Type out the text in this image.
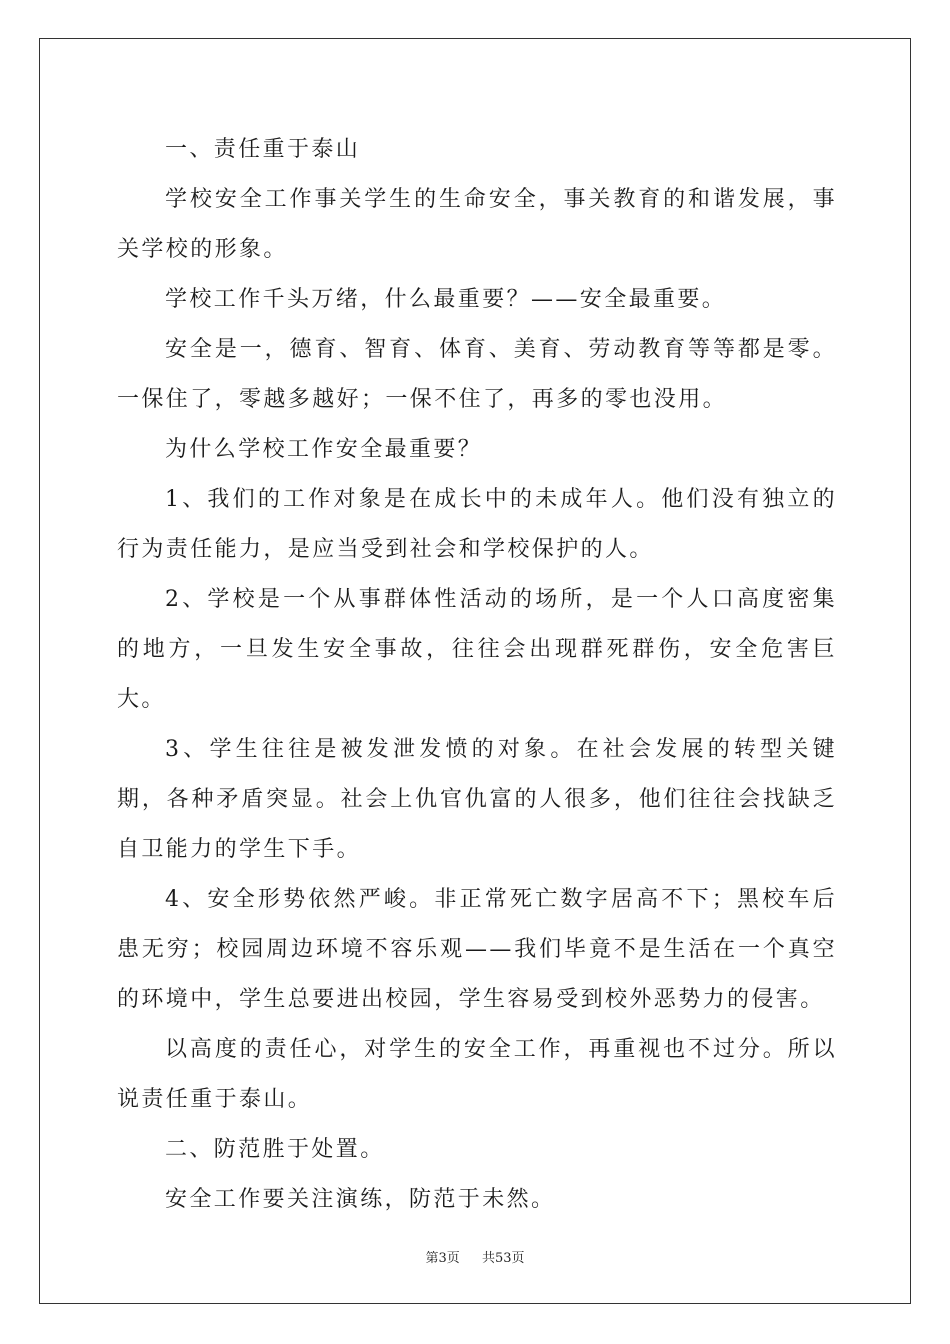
一、责任重于泰山

学校安全工作事关学生的生命安全，事关教育的和谐发展，事关学校的形象。

学校工作千头万绪，什么最重要？——安全最重要。

安全是一，德育、智育、体育、美育、劳动教育等等都是零。一保住了，零越多越好；一保不住了，再多的零也没用。

为什么学校工作安全最重要？

1、我们的工作对象是在成长中的未成年人。他们没有独立的行为责任能力，是应当受到社会和学校保护的人。

2、学校是一个从事群体性活动的场所，是一个人口高度密集的地方，一旦发生安全事故，往往会出现群死群伤，安全危害巨大。

3、学生往往是被发泄发愤的对象。在社会发展的转型关键期，各种矛盾突显。社会上仇官仇富的人很多，他们往往会找缺乏自卫能力的学生下手。

4、安全形势依然严峻。非正常死亡数字居高不下；黑校车后患无穷；校园周边环境不容乐观——我们毕竟不是生活在一个真空的环境中，学生总要进出校园，学生容易受到校外恶势力的侵害。

以高度的责任心，对学生的安全工作，再重视也不过分。所以说责任重于泰山。

二、防范胜于处置。

安全工作要关注演练，防范于未然。

第3页 共53页
